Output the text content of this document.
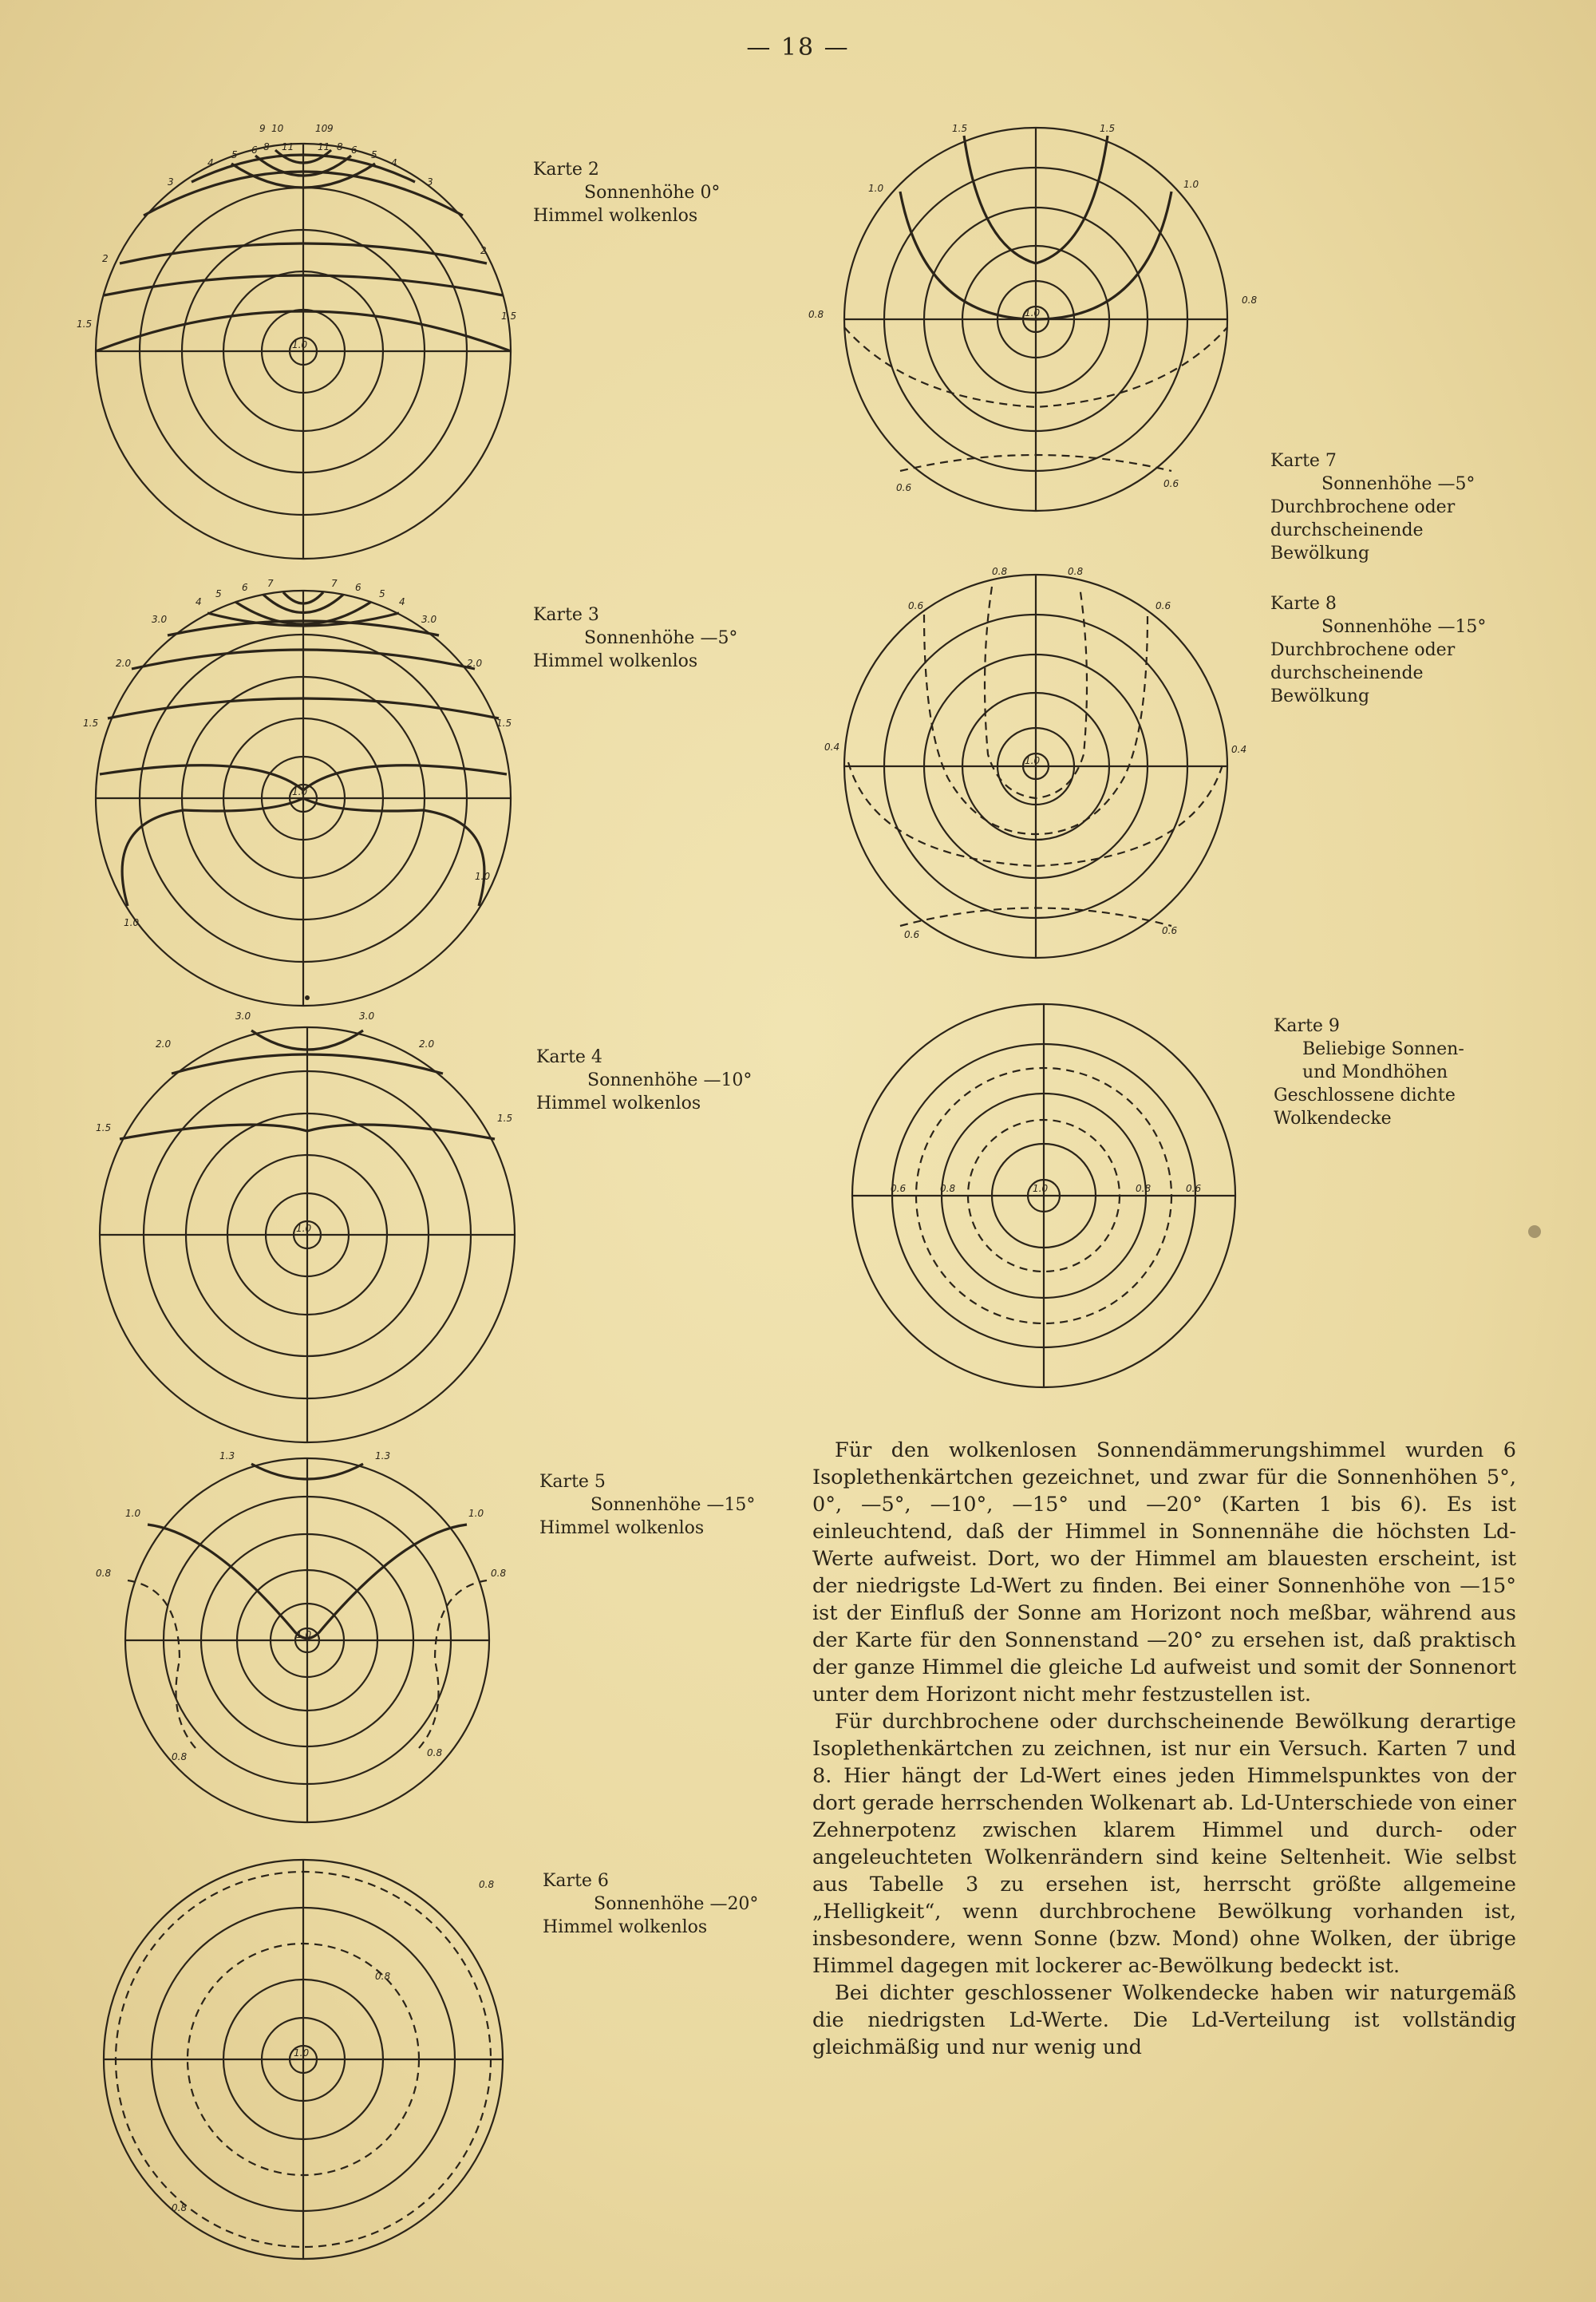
— 18 —
9 10	10 9
11 11
8
6
5
4	4
5
6
8
3	3
2
2
1.5
1.5
1.0
Karte 2
Sonnenhöhe 0°
Himmel wolkenlos
4
5
6 7	7 6
5
4
3.0	3.0
2.0	2.0
1.5	1.5
1.0
1.0
1.0
Karte 3
Sonnenhöhe —5°
Himmel wolkenlos
3.0	3.0
2.0	2.0
1.5
1.5
1.0
Karte 4
Sonnenhöhe —10°
Himmel wolkenlos
1.3	1.3
1.0	1.0
0.8	0.8
0.8	0.8
1.0
Karte 5
Sonnenhöhe —15°
Himmel wolkenlos
0.8
0.8
0.8
1.0
Karte 6
Sonnenhöhe —20°
Himmel wolkenlos
1.5	1.5
1.0	1.0
0.8
0.8
0.6	0.6
1.0
Karte 7
Sonnenhöhe —5°
Durchbrochene oder
durchscheinende
Bewölkung
0.8	0.8
0.6	0.6
0.4	0.4
0.6	0.6
1.0
Karte 8
Sonnenhöhe —15°
Durchbrochene oder
durchscheinende
Bewölkung
0.6	0.8	1.0	0.8	0.6
Karte 9
Beliebige Sonnen-
und Mondhöhen
Geschlossene dichte
Wolkendecke

Für den wolkenlosen Sonnendämmerungshimmel wurden 6 Isoplethenkärtchen gezeichnet, und zwar für die Sonnenhöhen 5°, 0°, —5°, —10°, —15° und —20° (Karten 1 bis 6). Es ist einleuchtend, daß der Himmel in Sonnennähe die höchsten Ld-Werte aufweist. Dort, wo der Himmel am blauesten erscheint, ist der niedrigste Ld-Wert zu finden. Bei einer Sonnenhöhe von —15° ist der Einfluß der Sonne am Horizont noch meßbar, während aus der Karte für den Sonnenstand —20° zu ersehen ist, daß praktisch der ganze Himmel die gleiche Ld aufweist und somit der Sonnenort unter dem Horizont nicht mehr festzustellen ist.

Für durchbrochene oder durchscheinende Bewölkung derartige Isoplethenkärtchen zu zeichnen, ist nur ein Versuch. Karten 7 und 8. Hier hängt der Ld-Wert eines jeden Himmelspunktes von der dort gerade herrschenden Wolkenart ab. Ld-Unterschiede von einer Zehnerpotenz zwischen klarem Himmel und durch- oder angeleuchteten Wolkenrändern sind keine Seltenheit. Wie selbst aus Tabelle 3 zu ersehen ist, herrscht größte allgemeine „Helligkeit“, wenn durchbrochene Bewölkung vorhanden ist, insbesondere, wenn Sonne (bzw. Mond) ohne Wolken, der übrige Himmel dagegen mit lockerer ac-Bewölkung bedeckt ist.

Bei dichter geschlossener Wolkendecke haben wir naturgemäß die niedrigsten Ld-Werte. Die Ld-Verteilung ist vollständig gleichmäßig und nur wenig und
